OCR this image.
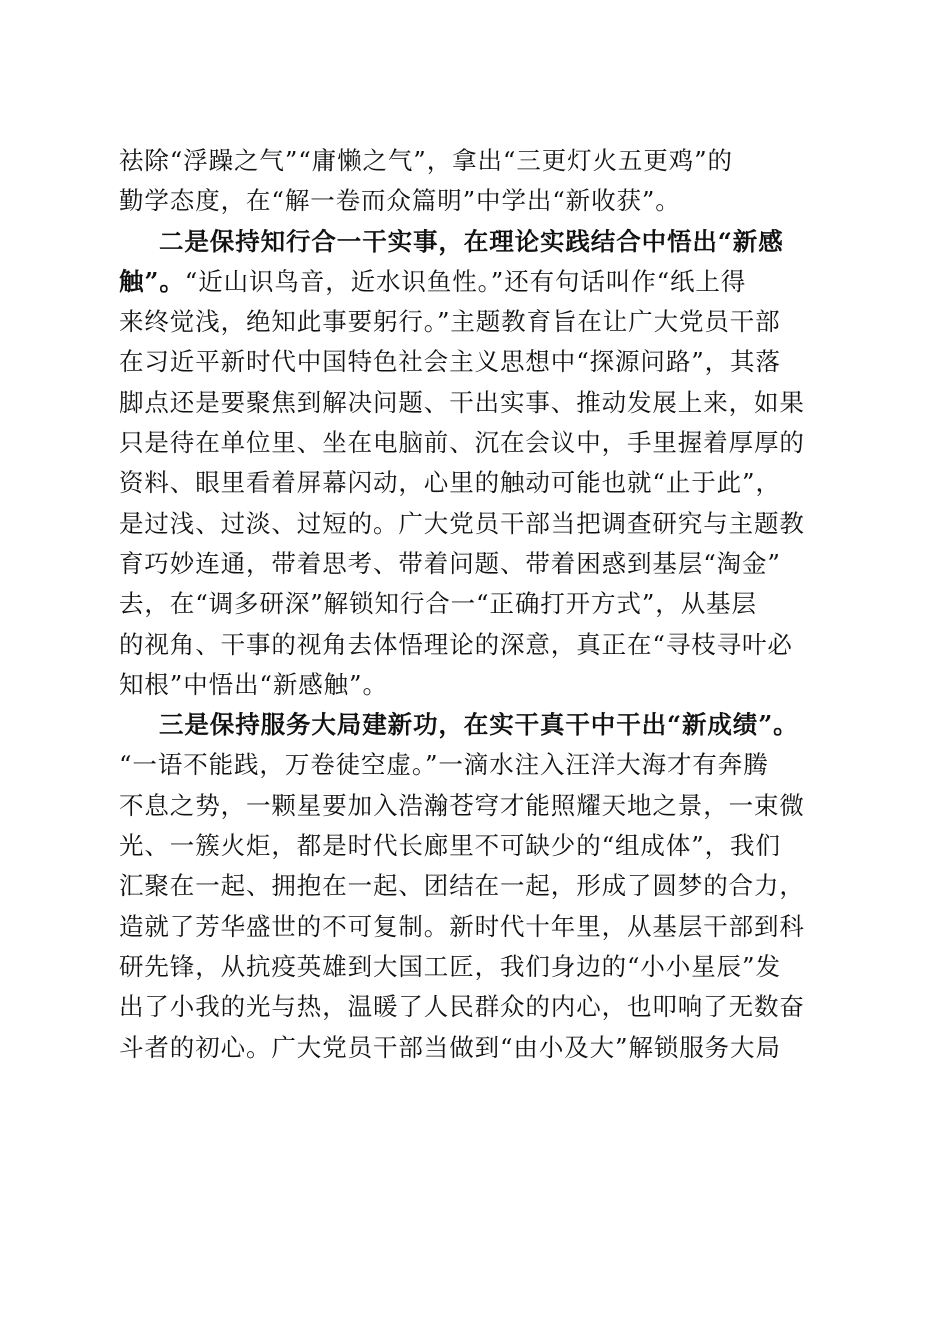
祛除“浮躁之气”“庸懒之气”，拿出“三更灯火五更鸡”的
勤学态度，在“解一卷而众篇明”中学出“新收获”。
二是保持知行合一干实事，在理论实践结合中悟出“新感
触”。“近山识鸟音，近水识鱼性。”还有句话叫作“纸上得
来终觉浅，绝知此事要躬行。”主题教育旨在让广大党员干部
在习近平新时代中国特色社会主义思想中“探源问路”，其落
脚点还是要聚焦到解决问题、干出实事、推动发展上来，如果
只是待在单位里、坐在电脑前、沉在会议中，手里握着厚厚的
资料、眼里看着屏幕闪动，心里的触动可能也就“止于此”，
是过浅、过淡、过短的。广大党员干部当把调查研究与主题教
育巧妙连通，带着思考、带着问题、带着困惑到基层“淘金”
去，在“调多研深”解锁知行合一“正确打开方式”，从基层
的视角、干事的视角去体悟理论的深意，真正在“寻枝寻叶必
知根”中悟出“新感触”。
三是保持服务大局建新功，在实干真干中干出“新成绩”。
“一语不能践，万卷徒空虚。”一滴水注入汪洋大海才有奔腾
不息之势，一颗星要加入浩瀚苍穹才能照耀天地之景，一束微
光、一簇火炬，都是时代长廊里不可缺少的“组成体”，我们
汇聚在一起、拥抱在一起、团结在一起，形成了圆梦的合力，
造就了芳华盛世的不可复制。新时代十年里，从基层干部到科
研先锋，从抗疫英雄到大国工匠，我们身边的“小小星辰”发
出了小我的光与热，温暖了人民群众的内心，也叩响了无数奋
斗者的初心。广大党员干部当做到“由小及大”解锁服务大局
